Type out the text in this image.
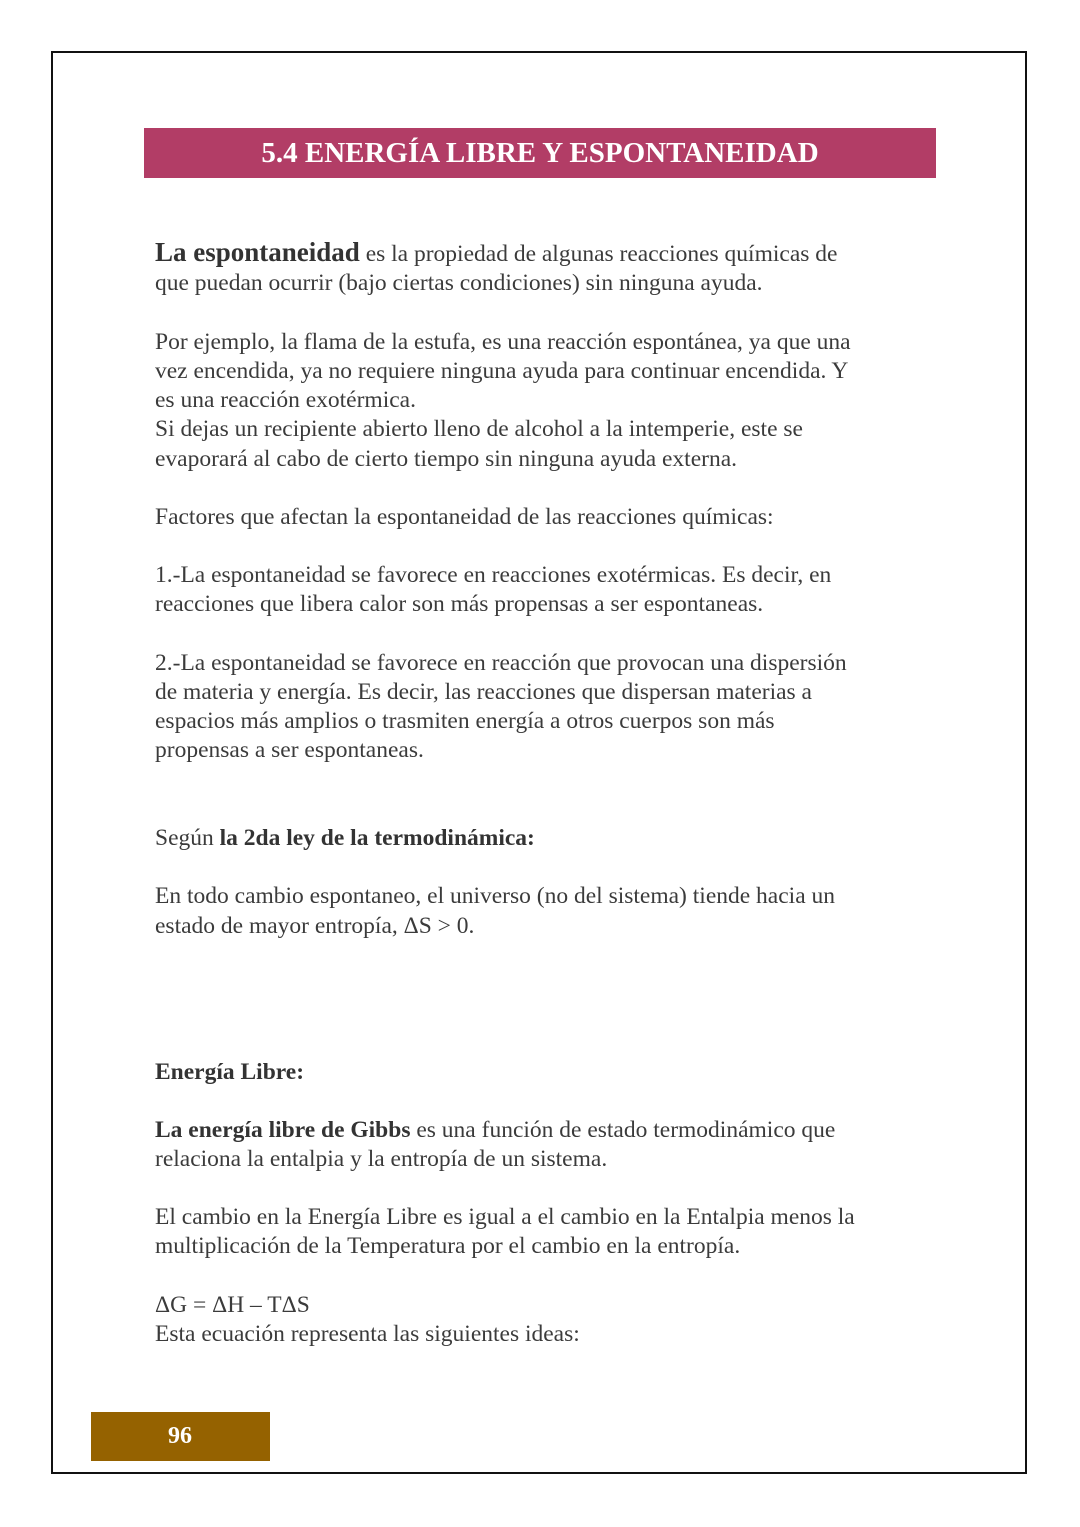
5.4 ENERGÍA LIBRE Y ESPONTANEIDAD
La espontaneidad es la propiedad de algunas reacciones químicas de
que puedan ocurrir (bajo ciertas condiciones) sin ninguna ayuda.
Por ejemplo, la flama de la estufa, es una reacción espontánea, ya que una
vez encendida, ya no requiere ninguna ayuda para continuar encendida. Y
es una reacción exotérmica.
Si dejas un recipiente abierto lleno de alcohol a la intemperie, este se
evaporará al cabo de cierto tiempo sin ninguna ayuda externa.
Factores que afectan la espontaneidad de las reacciones químicas:
1.-La espontaneidad se favorece en reacciones exotérmicas. Es decir, en
reacciones que libera calor son más propensas a ser espontaneas.
2.-La espontaneidad se favorece en reacción que provocan una dispersión
de materia y energía. Es decir, las reacciones que dispersan materias a
espacios más amplios o trasmiten energía a otros cuerpos son más
propensas a ser espontaneas.
Según la 2da ley de la termodinámica:
En todo cambio espontaneo, el universo (no del sistema) tiende hacia un
estado de mayor entropía, ΔS > 0.
Energía Libre:
La energía libre de Gibbs es una función de estado termodinámico que
relaciona la entalpia y la entropía de un sistema.
El cambio en la Energía Libre es igual a el cambio en la Entalpia menos la
multiplicación de la Temperatura por el cambio en la entropía.
ΔG = ΔH – TΔS
Esta ecuación representa las siguientes ideas:
96
